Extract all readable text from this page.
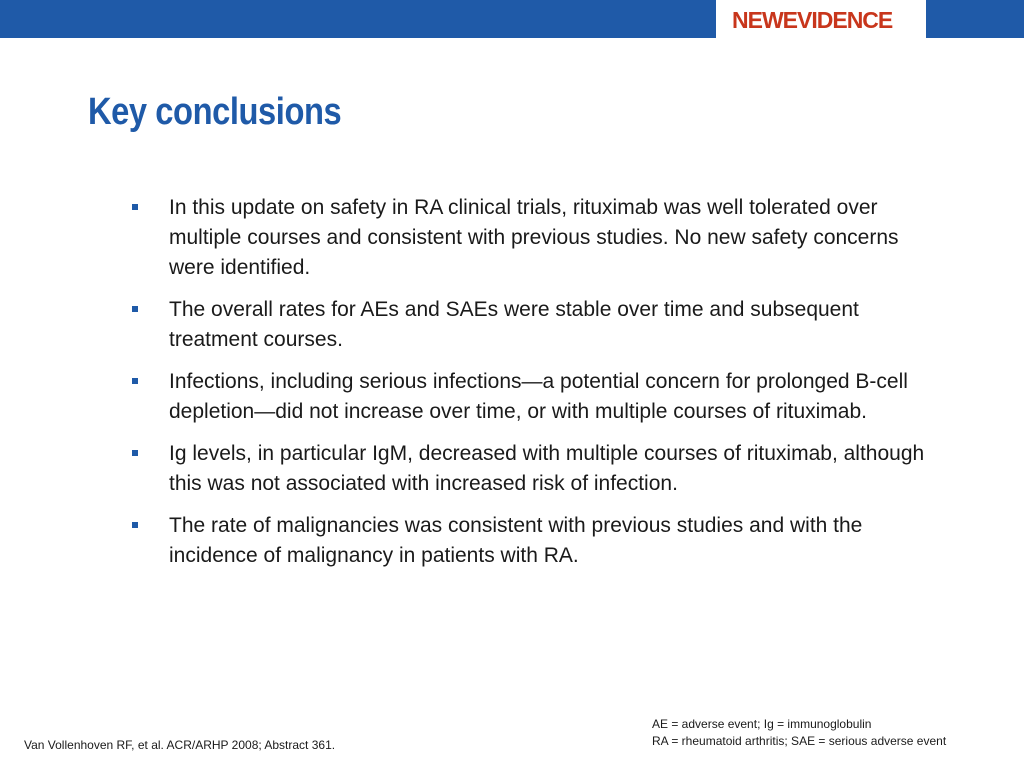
NEWEVIDENCE
Key conclusions
In this update on safety in RA clinical trials, rituximab was well tolerated over multiple courses and consistent with previous studies. No new safety concerns were identified.
The overall rates for AEs and SAEs were stable over time and subsequent treatment courses.
Infections, including serious infections—a potential concern for prolonged B-cell depletion—did not increase over time, or with multiple courses of rituximab.
Ig levels, in particular IgM, decreased with multiple courses of rituximab, although this was not associated with increased risk of infection.
The rate of malignancies was consistent with previous studies and with the incidence of malignancy in patients with RA.
AE = adverse event; Ig = immunoglobulin
RA = rheumatoid arthritis; SAE = serious adverse event
Van Vollenhoven RF, et al. ACR/ARHP 2008; Abstract 361.
